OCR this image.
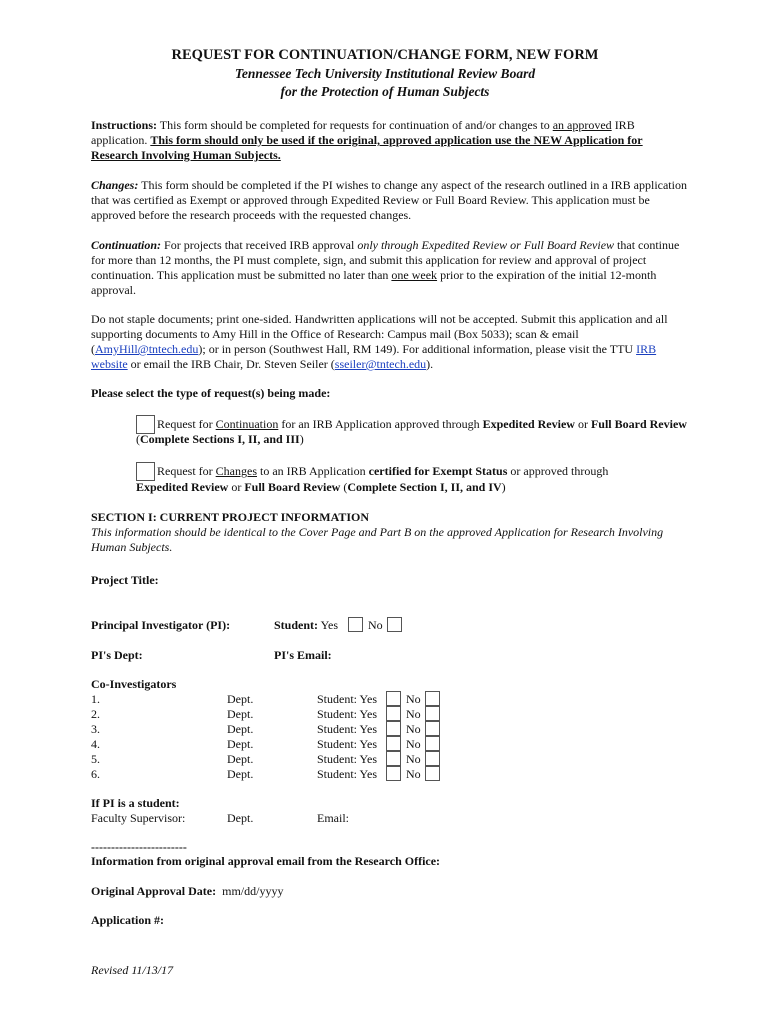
REQUEST FOR CONTINUATION/CHANGE FORM, NEW FORM
Tennessee Tech University Institutional Review Board
for the Protection of Human Subjects
Instructions: This form should be completed for requests for continuation of and/or changes to an approved IRB application. This form should only be used if the original, approved application use the NEW Application for Research Involving Human Subjects.
Changes: This form should be completed if the PI wishes to change any aspect of the research outlined in a IRB application that was certified as Exempt or approved through Expedited Review or Full Board Review. This application must be approved before the research proceeds with the requested changes.
Continuation: For projects that received IRB approval only through Expedited Review or Full Board Review that continue for more than 12 months, the PI must complete, sign, and submit this application for review and approval of project continuation. This application must be submitted no later than one week prior to the expiration of the initial 12-month approval.
Do not staple documents; print one-sided. Handwritten applications will not be accepted. Submit this application and all supporting documents to Amy Hill in the Office of Research: Campus mail (Box 5033); scan & email (AmyHill@tntech.edu); or in person (Southwest Hall, RM 149). For additional information, please visit the TTU IRB website or email the IRB Chair, Dr. Steven Seiler (sseiler@tntech.edu).
Please select the type of request(s) being made:
Request for Continuation for an IRB Application approved through Expedited Review or Full Board Review
(Complete Sections I, II, and III)
Request for Changes to an IRB Application certified for Exempt Status or approved through
Expedited Review or Full Board Review (Complete Section I, II, and IV)
SECTION I: CURRENT PROJECT INFORMATION
This information should be identical to the Cover Page and Part B on the approved Application for Research Involving Human Subjects.
Project Title:
Principal Investigator (PI):	Student: Yes No
PI's Dept:	PI's Email:
Co-Investigators
1.	Dept.	Student: Yes No
2.	Dept.	Student: Yes No
3.	Dept.	Student: Yes No
4.	Dept.	Student: Yes No
5.	Dept.	Student: Yes No
6.	Dept.	Student: Yes No
If PI is a student:
Faculty Supervisor:	Dept.	Email:
------------------------
Information from original approval email from the Research Office:
Original Approval Date: mm/dd/yyyy
Application #:
Revised 11/13/17
